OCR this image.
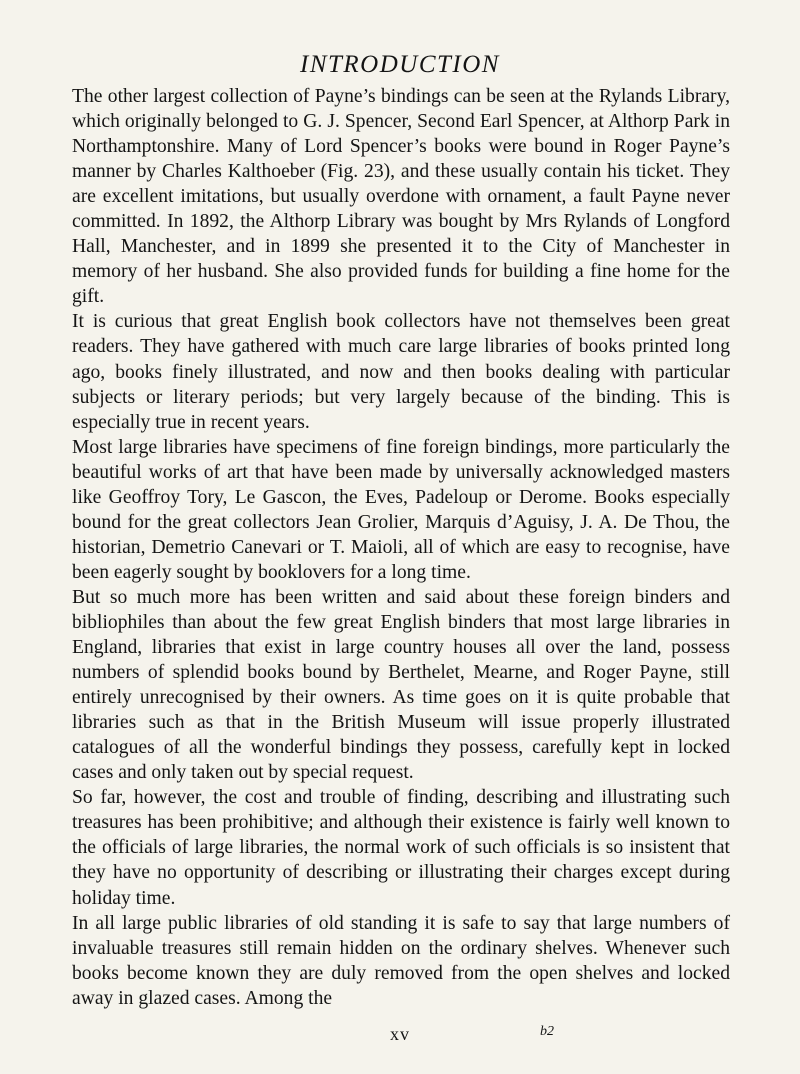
INTRODUCTION

The other largest collection of Payne’s bindings can be seen at the Rylands Library, which originally belonged to G. J. Spencer, Second Earl Spencer, at Althorp Park in Northamptonshire. Many of Lord Spencer’s books were bound in Roger Payne’s manner by Charles Kalthoeber (Fig. 23), and these usually contain his ticket. They are excellent imitations, but usually overdone with ornament, a fault Payne never committed. In 1892, the Althorp Library was bought by Mrs Rylands of Longford Hall, Manchester, and in 1899 she presented it to the City of Manchester in memory of her husband. She also provided funds for building a fine home for the gift.

It is curious that great English book collectors have not themselves been great readers. They have gathered with much care large libraries of books printed long ago, books finely illustrated, and now and then books dealing with particular subjects or literary periods; but very largely because of the binding. This is especially true in recent years.

Most large libraries have specimens of fine foreign bindings, more particularly the beautiful works of art that have been made by universally acknowledged masters like Geoffroy Tory, Le Gascon, the Eves, Padeloup or Derome. Books especially bound for the great collectors Jean Grolier, Marquis d’Aguisy, J. A. De Thou, the historian, Demetrio Canevari or T. Maioli, all of which are easy to recognise, have been eagerly sought by booklovers for a long time.

But so much more has been written and said about these foreign binders and bibliophiles than about the few great English binders that most large libraries in England, libraries that exist in large country houses all over the land, possess numbers of splendid books bound by Berthelet, Mearne, and Roger Payne, still entirely unrecognised by their owners. As time goes on it is quite probable that libraries such as that in the British Museum will issue properly illustrated catalogues of all the wonderful bindings they possess, carefully kept in locked cases and only taken out by special request.

So far, however, the cost and trouble of finding, describing and illustrating such treasures has been prohibitive; and although their existence is fairly well known to the officials of large libraries, the normal work of such officials is so insistent that they have no opportunity of describing or illustrating their charges except during holiday time.

In all large public libraries of old standing it is safe to say that large numbers of invaluable treasures still remain hidden on the ordinary shelves. Whenever such books become known they are duly removed from the open shelves and locked away in glazed cases. Among the

xv	b2
